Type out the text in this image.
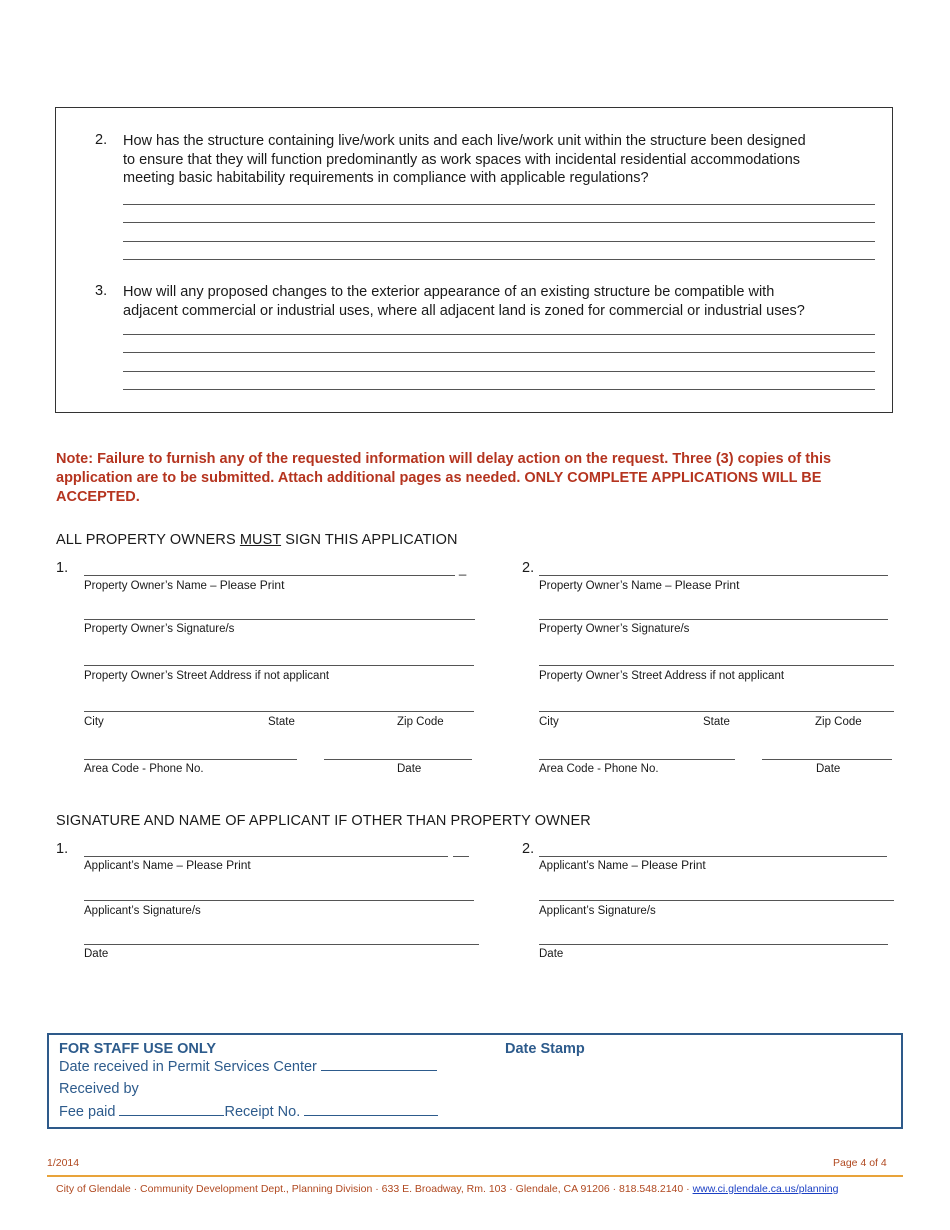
2. How has the structure containing live/work units and each live/work unit within the structure been designed
to ensure that they will function predominantly as work spaces with incidental residential accommodations
meeting basic habitability requirements in compliance with applicable regulations?
3. How will any proposed changes to the exterior appearance of an existing structure be compatible with
adjacent commercial or industrial uses, where all adjacent land is zoned for commercial or industrial uses?
Note: Failure to furnish any of the requested information will delay action on the request. Three (3) copies of this
application are to be submitted. Attach additional pages as needed. ONLY COMPLETE APPLICATIONS WILL BE
ACCEPTED.
ALL PROPERTY OWNERS MUST SIGN THIS APPLICATION
1.	_
Property Owner’s Name – Please Print
Property Owner’s Signature/s
Property Owner’s Street Address if not applicant
City	State	Zip Code
Area Code - Phone No.	Date
2.
Property Owner’s Name – Please Print
Property Owner’s Signature/s
Property Owner’s Street Address if not applicant
City	State	Zip Code
Area Code - Phone No.	Date
SIGNATURE AND NAME OF APPLICANT IF OTHER THAN PROPERTY OWNER
1.
Applicant’s Name – Please Print
Applicant’s Signature/s
Date
2.
Applicant’s Name – Please Print
Applicant’s Signature/s
Date
FOR STAFF USE ONLY	Date Stamp
Date received in Permit Services Center
Received by
Fee paid	Receipt No.
1/2014	Page 4 of 4
City of Glendale · Community Development Dept., Planning Division · 633 E. Broadway, Rm. 103 · Glendale, CA 91206 · 818.548.2140 · www.ci.glendale.ca.us/planning
